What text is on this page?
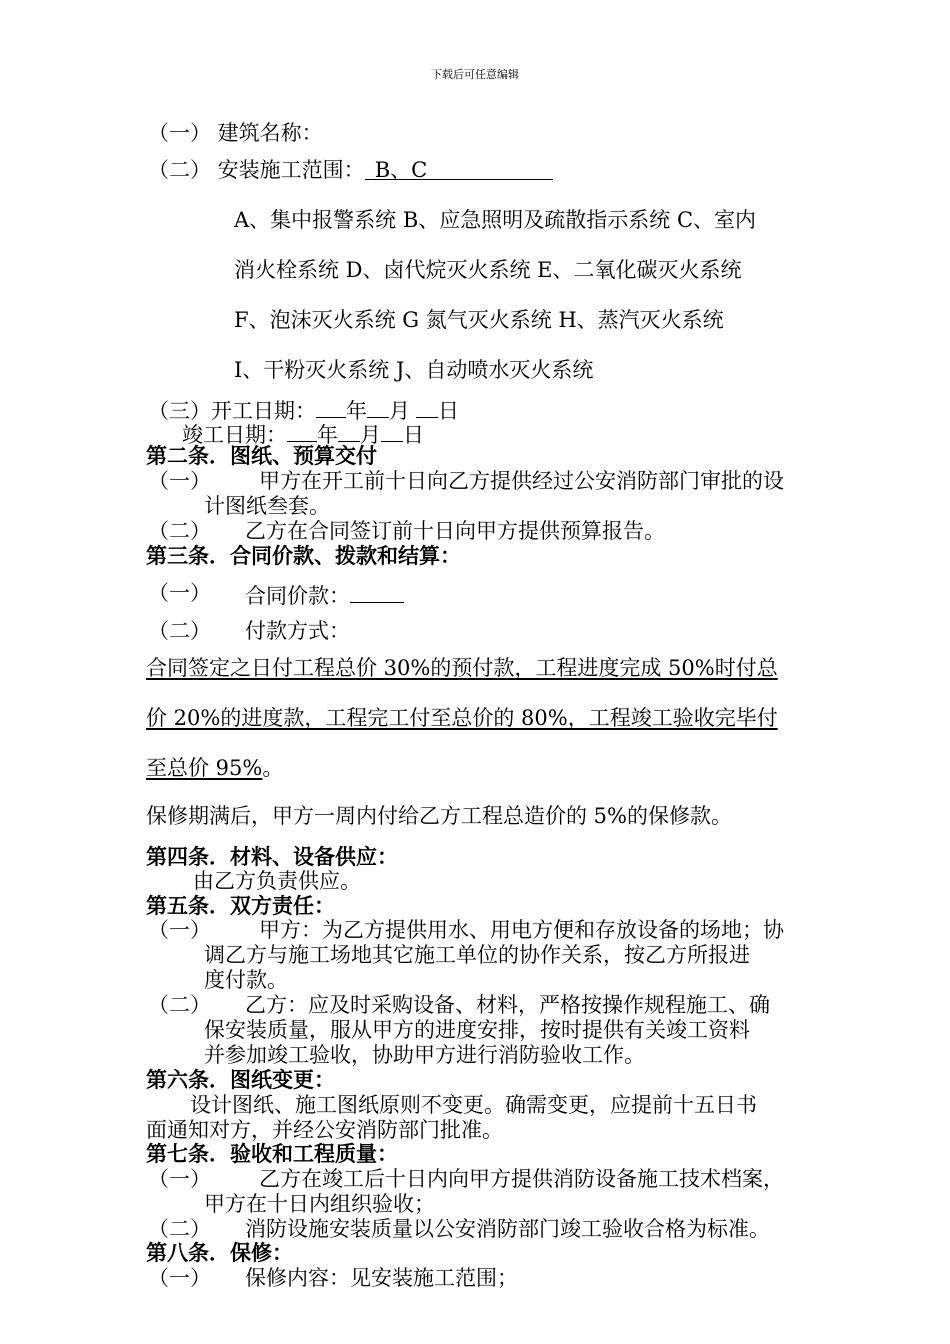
下载后可任意编辑
（一） 建筑名称：
（二） 安装施工范围： B、C
A、集中报警系统 B、应急照明及疏散指示系统 C、室内
消火栓系统 D、卤代烷灭火系统 E、二氧化碳灭火系统
F、泡沫灭火系统 G 氮气灭火系统 H、蒸汽灭火系统
I、干粉灭火系统 J、自动喷水灭火系统
（三）开工日期： 年 月 日
竣工日期： 年 月 日
第二条．图纸、预算交付
（一） 甲方在开工前十日向乙方提供经过公安消防部门审批的设
计图纸叁套。
（二） 乙方在合同签订前十日向甲方提供预算报告。
第三条．合同价款、拨款和结算：
（一） 合同价款：
（二） 付款方式：
合同签定之日付工程总价 30%的预付款，工程进度完成 50%时付总
价 20%的进度款，工程完工付至总价的 80%，工程竣工验收完毕付
至总价 95%。
保修期满后，甲方一周内付给乙方工程总造价的 5%的保修款。
第四条．材料、设备供应：
由乙方负责供应。
第五条．双方责任：
（一） 甲方：为乙方提供用水、用电方便和存放设备的场地；协
调乙方与施工场地其它施工单位的协作关系，按乙方所报进
度付款。
（二） 乙方：应及时采购设备、材料，严格按操作规程施工、确
保安装质量，服从甲方的进度安排，按时提供有关竣工资料
并参加竣工验收，协助甲方进行消防验收工作。
第六条．图纸变更：
设计图纸、施工图纸原则不变更。确需变更，应提前十五日书
面通知对方，并经公安消防部门批准。
第七条．验收和工程质量：
（一） 乙方在竣工后十日内向甲方提供消防设备施工技术档案，
甲方在十日内组织验收；
（二） 消防设施安装质量以公安消防部门竣工验收合格为标准。
第八条．保修：
（一） 保修内容：见安装施工范围；
